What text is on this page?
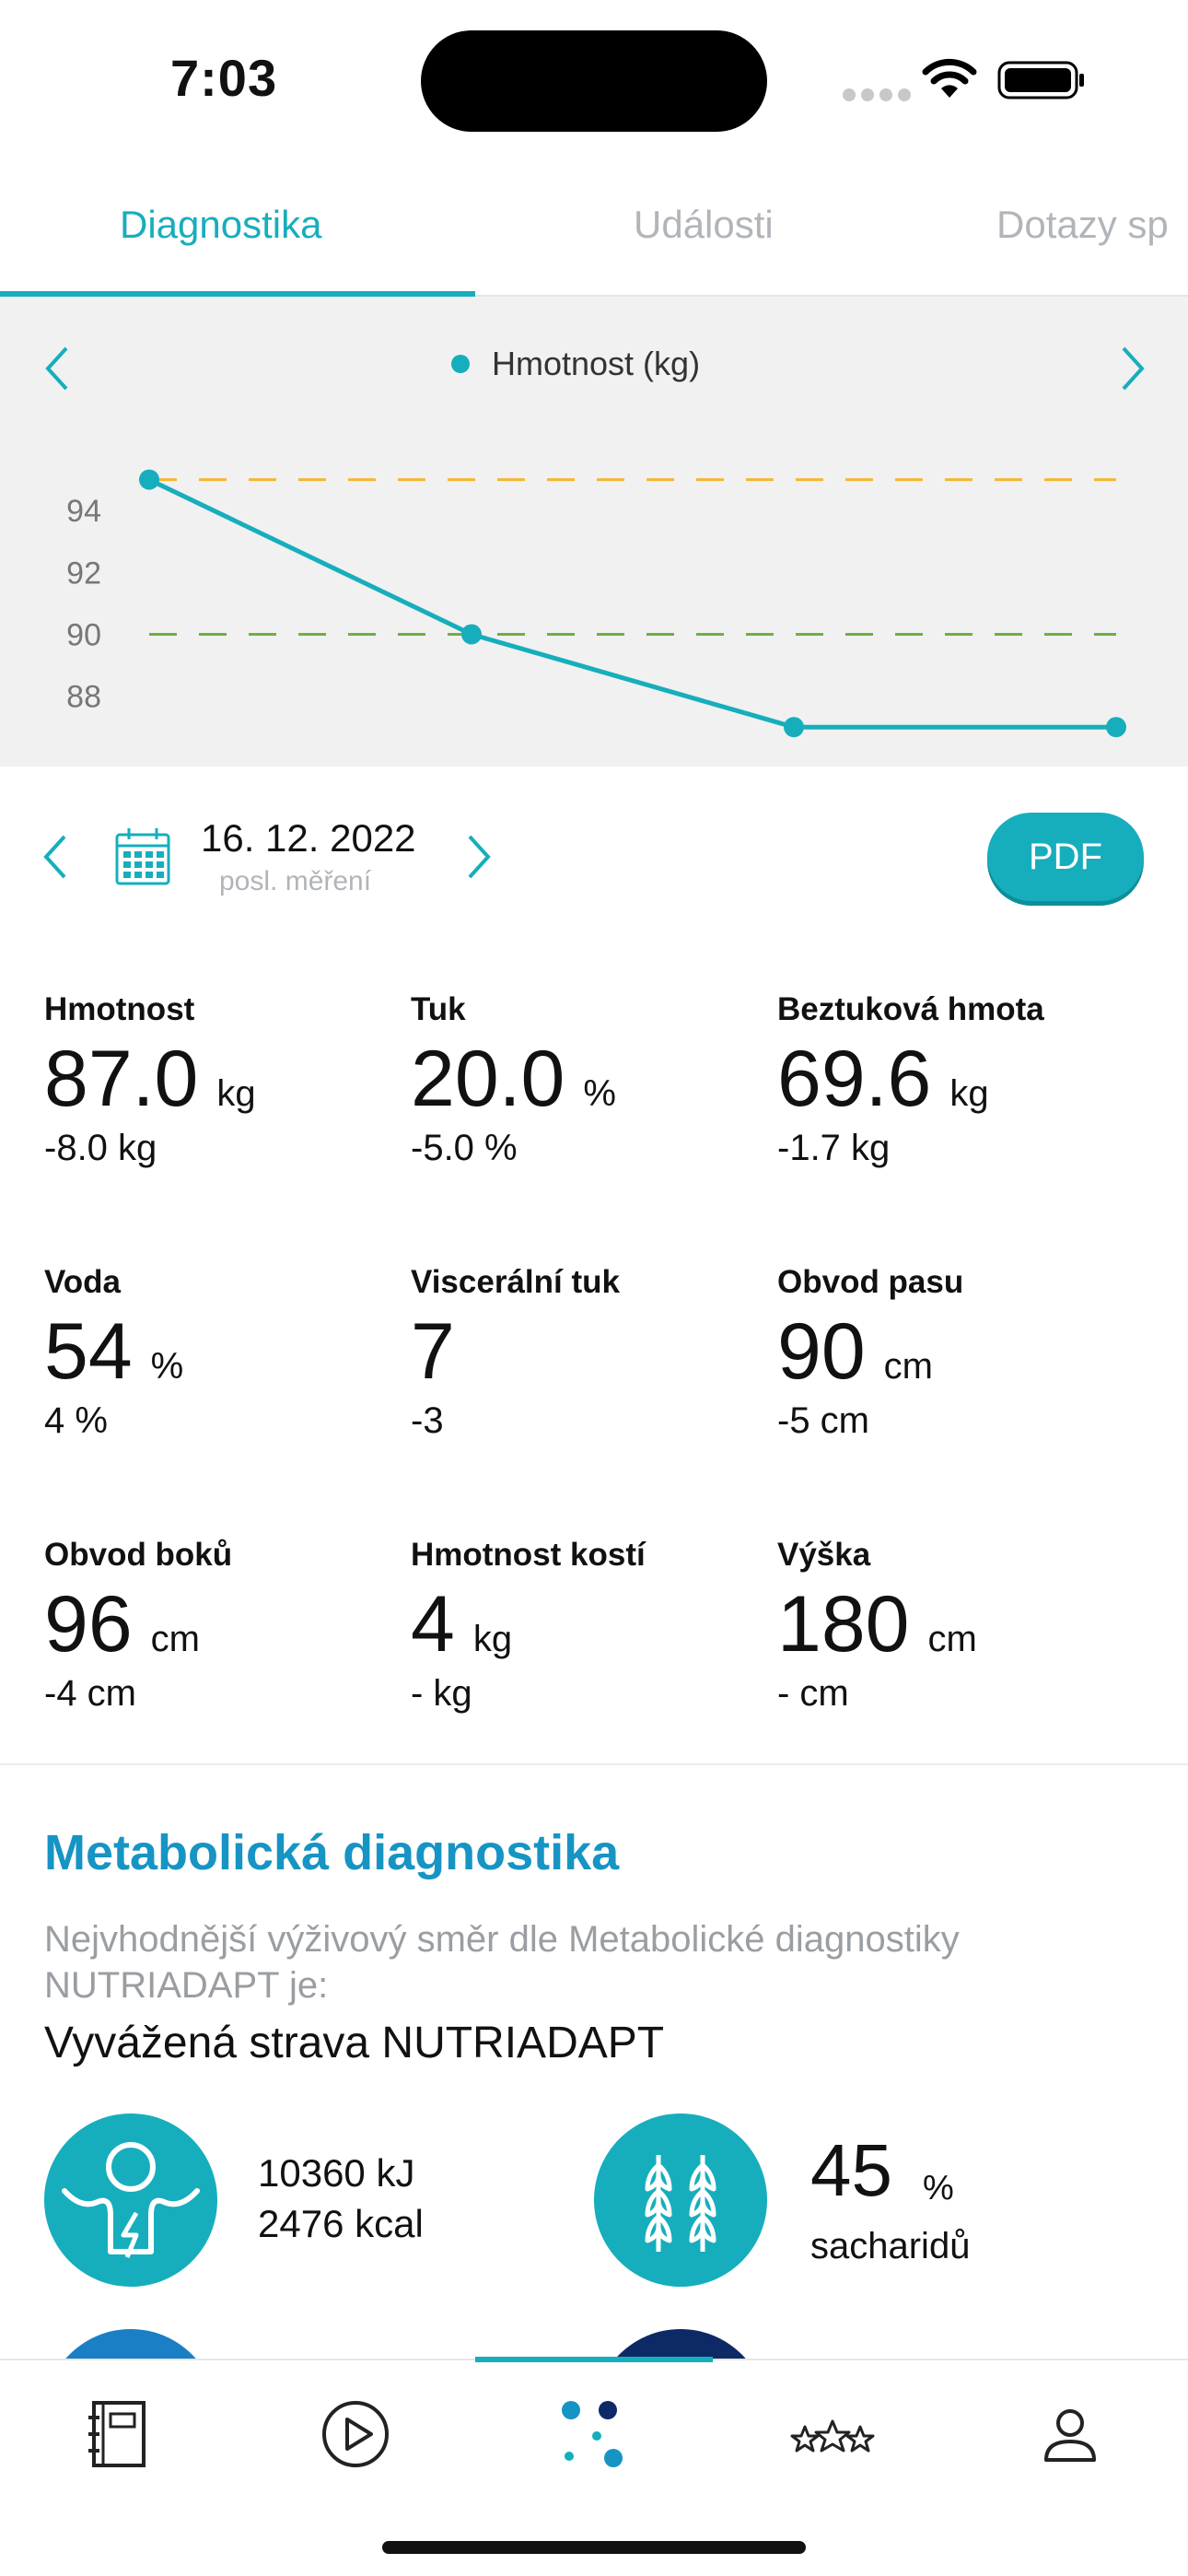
7:03
Diagnostika	Události	Dotazy sp
94
92
90
88
Hmotnost (kg)
16. 12. 2022
posl. měření
PDF
Hmotnost
87.0 kg
-8.0 kg
Tuk
20.0 %
-5.0 %
Beztuková hmota
69.6 kg
-1.7 kg
Voda
54 %
4 %
Viscerální tuk
7
-3
Obvod pasu
90 cm
-5 cm
Obvod boků
96 cm
-4 cm
Hmotnost kostí
4 kg
- kg
Výška
180 cm
- cm
Metabolická diagnostika
Nejvhodnější výživový směr dle Metabolické diagnostiky NUTRIADAPT je:
Vyvážená strava NUTRIADAPT
10360 kJ
2476 kcal
45 %
sacharidů
